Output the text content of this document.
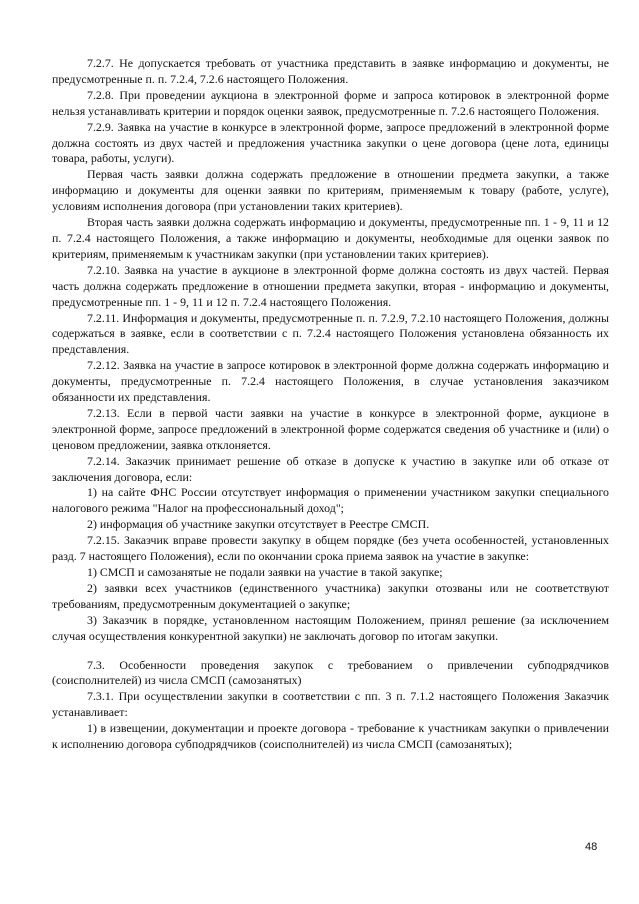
7.2.7. Не допускается требовать от участника представить в заявке информацию и документы, не предусмотренные п. п. 7.2.4, 7.2.6 настоящего Положения.

7.2.8. При проведении аукциона в электронной форме и запроса котировок в электронной форме нельзя устанавливать критерии и порядок оценки заявок, предусмотренные п. 7.2.6 настоящего Положения.

7.2.9. Заявка на участие в конкурсе в электронной форме, запросе предложений в электронной форме должна состоять из двух частей и предложения участника закупки о цене договора (цене лота, единицы товара, работы, услуги).

Первая часть заявки должна содержать предложение в отношении предмета закупки, а также информацию и документы для оценки заявки по критериям, применяемым к товару (работе, услуге), условиям исполнения договора (при установлении таких критериев).

Вторая часть заявки должна содержать информацию и документы, предусмотренные пп. 1 - 9, 11 и 12 п. 7.2.4 настоящего Положения, а также информацию и документы, необходимые для оценки заявок по критериям, применяемым к участникам закупки (при установлении таких критериев).

7.2.10. Заявка на участие в аукционе в электронной форме должна состоять из двух частей. Первая часть должна содержать предложение в отношении предмета закупки, вторая - информацию и документы, предусмотренные пп. 1 - 9, 11 и 12 п. 7.2.4 настоящего Положения.

7.2.11. Информация и документы, предусмотренные п. п. 7.2.9, 7.2.10 настоящего Положения, должны содержаться в заявке, если в соответствии с п. 7.2.4 настоящего Положения установлена обязанность их представления.

7.2.12. Заявка на участие в запросе котировок в электронной форме должна содержать информацию и документы, предусмотренные п. 7.2.4 настоящего Положения, в случае установления заказчиком обязанности их представления.

7.2.13. Если в первой части заявки на участие в конкурсе в электронной форме, аукционе в электронной форме, запросе предложений в электронной форме содержатся сведения об участнике и (или) о ценовом предложении, заявка отклоняется.

7.2.14. Заказчик принимает решение об отказе в допуске к участию в закупке или об отказе от заключения договора, если:

1) на сайте ФНС России отсутствует информация о применении участником закупки специального налогового режима "Налог на профессиональный доход";

2) информация об участнике закупки отсутствует в Реестре СМСП.

7.2.15. Заказчик вправе провести закупку в общем порядке (без учета особенностей, установленных разд. 7 настоящего Положения), если по окончании срока приема заявок на участие в закупке:

1) СМСП и самозанятые не подали заявки на участие в такой закупке;

2) заявки всех участников (единственного участника) закупки отозваны или не соответствуют требованиям, предусмотренным документацией о закупке;

3) Заказчик в порядке, установленном настоящим Положением, принял решение (за исключением случая осуществления конкурентной закупки) не заключать договор по итогам закупки.

7.3. Особенности проведения закупок с требованием о привлечении субподрядчиков (соисполнителей) из числа СМСП (самозанятых)

7.3.1. При осуществлении закупки в соответствии с пп. 3 п. 7.1.2 настоящего Положения Заказчик устанавливает:

1) в извещении, документации и проекте договора - требование к участникам закупки о привлечении к исполнению договора субподрядчиков (соисполнителей) из числа СМСП (самозанятых);

48
